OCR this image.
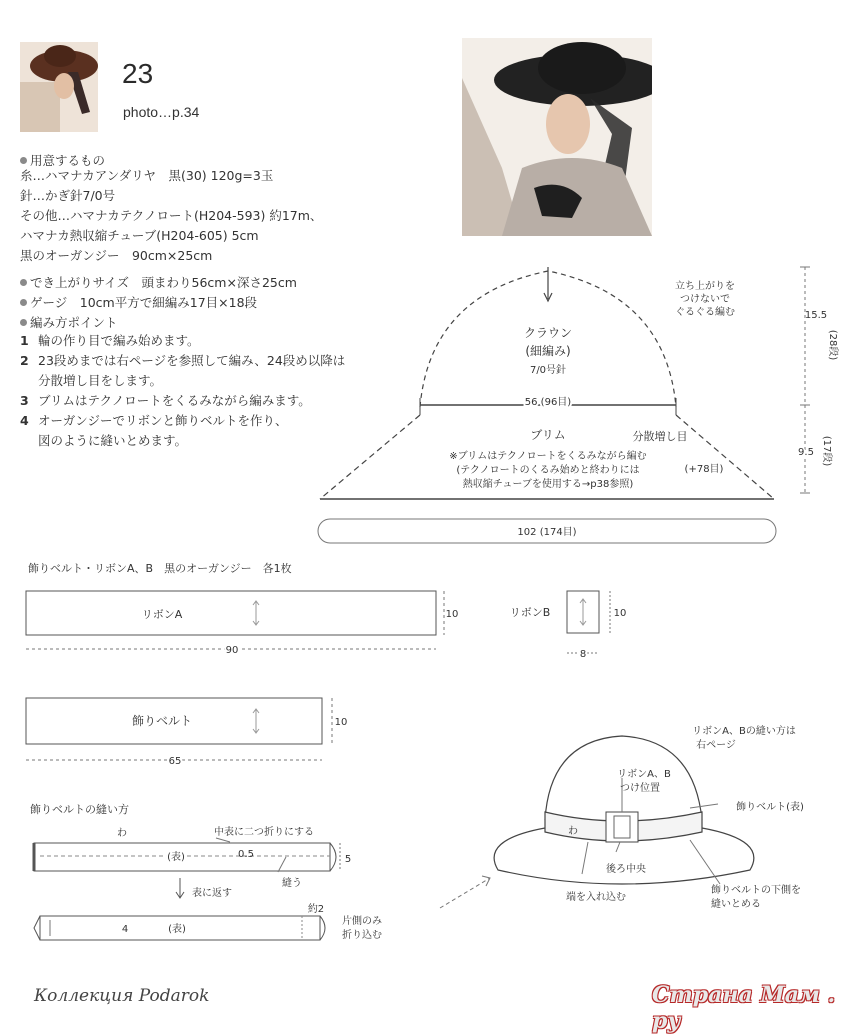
23
photo…p.34
用意するもの
糸…ハマナカアンダリヤ　黒(30) 120g=3玉
針…かぎ針7/0号
その他…ハマナカテクノロート(H204-593) 約17m、
ハマナカ熱収縮チューブ(H204-605) 5cm
黒のオーガンジー　90cm×25cm
でき上がりサイズ　 頭まわり56cm×深さ25cm
ゲージ　 10cm平方で細編み17目×18段
編み方ポイント
1 輪の作り目で編み始めます。
2 23段めまでは右ページを参照して編み、24段め以降は
分散増し目をします。
3 ブリムはテクノロートをくるみながら編みます。
4 オーガンジーでリボンと飾りベルトを作り、
図のように縫いとめます。
クラウン
(細編み)
7/0号針
立ち上がりを
つけないで
ぐるぐる編む
56 (96目)
ブリム	分散増し目
※ブリムはテクノロートをくるみながら編む
(テクノロートのくるみ始めと終わりには
熱収縮チューブを使用する→p38参照)
(+78目)
102 (174目)
15.5
(28段)
9.5 (17段)
飾りベルト・リボンA、B　黒のオーガンジー　各1枚
リボンA
90
10	リボンB
8
10
飾りベルト
65
10
飾りベルトの縫い方
わ	中表に二つ折りにする
(表)	0.5	5
縫う
表に返す
4	(表)
約2
片側のみ
折り込む
リボンA、Bの縫い方は
右ページ
リボンA、B
つけ位置
飾りベルト(表)
わ
後ろ中央
端を入れ込む
飾りベルトの下側を
縫いとめる
Коллекция Podarok	Страна Мам . ру
